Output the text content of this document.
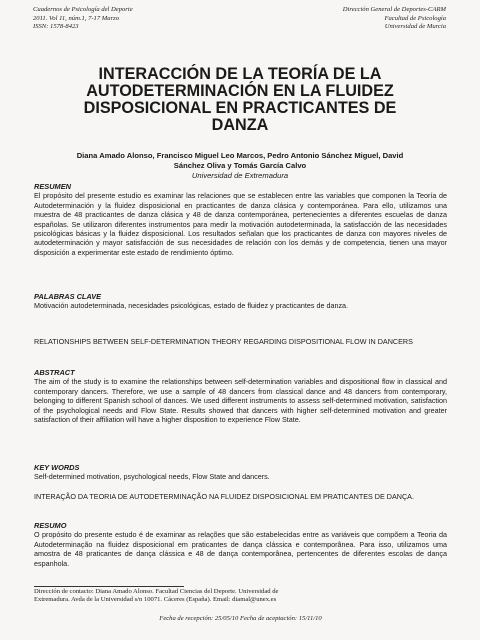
Cuadernos de Psicología del Deporte
2011. Vol 11, núm.1, 7-17 Marzo
ISSN: 1578-8423
Dirección General de Deportes-CARM
Facultad de Psicología
Universidad de Murcia
INTERACCIÓN DE LA TEORÍA DE LA
AUTODETERMINACIÓN EN LA FLUIDEZ
DISPOSICIONAL EN PRACTICANTES DE
DANZA
Diana Amado Alonso, Francisco Miguel Leo Marcos, Pedro Antonio Sánchez Miguel, David
Sánchez Oliva y Tomás García Calvo
Universidad de Extremadura
RESUMEN

El propósito del presente estudio es examinar las relaciones que se establecen entre las variables que componen la Teoría de Autodeterminación y la fluidez disposicional en practicantes de danza clásica y contemporánea. Para ello, utilizamos una muestra de 48 practicantes de danza clásica y 48 de danza contemporánea, pertenecientes a diferentes escuelas de danza españolas. Se utilizaron diferentes instrumentos para medir la motivación autodeterminada, la satisfacción de las necesidades psicológicas básicas y la fluidez disposicional. Los resultados señalan que los practicantes de danza con mayores niveles de autodeterminación y mayor satisfacción de sus necesidades de relación con los demás y de competencia, tienen una mayor disposición a experimentar este estado de rendimiento óptimo.

PALABRAS CLAVE

Motivación autodeterminada, necesidades psicológicas, estado de fluidez y practicantes de danza.

RELATIONSHIPS BETWEEN SELF-DETERMINATION THEORY REGARDING DISPOSITIONAL FLOW IN DANCERS

ABSTRACT

The aim of the study is to examine the relationships between self-determination variables and dispositional flow in classical and contemporary dancers. Therefore, we use a sample of 48 dancers from classical dance and 48 dancers from contemporary, belonging to different Spanish school of dances. We used different instruments to assess self-determined motivation, satisfaction of the psychological needs and Flow State. Results showed that dancers with higher self-determined motivation and greater satisfaction of their affiliation will have a higher disposition to experience Flow State.

KEY WORDS

Self-determined motivation, psychological needs, Flow State and dancers.

INTERAÇÃO DA TEORIA DE AUTODETERMINAÇÃO NA FLUIDEZ DISPOSICIONAL EM PRATICANTES DE DANÇA.

RESUMO

O propósito do presente estudo é de examinar as relações que são estabelecidas entre as variáveis que compõem a Teoria da Autodeterminação na fluidez disposicional em praticantes de dança clássica e contemporânea. Para isso, utilizamos uma amostra de 48 praticantes de dança clássica e 48 de dança contemporânea, pertencentes de diferentes escolas de dança espanhola.

Dirección de contacto: Diana Amado Alonso. Facultad Ciencias del Deporte. Universidad de
Extremadura. Avda de la Universidad s/n 10071. Cáceres (España). Email: diamal@unex.es
Fecha de recepción: 25/05/10 Fecha de aceptación: 15/11/10
